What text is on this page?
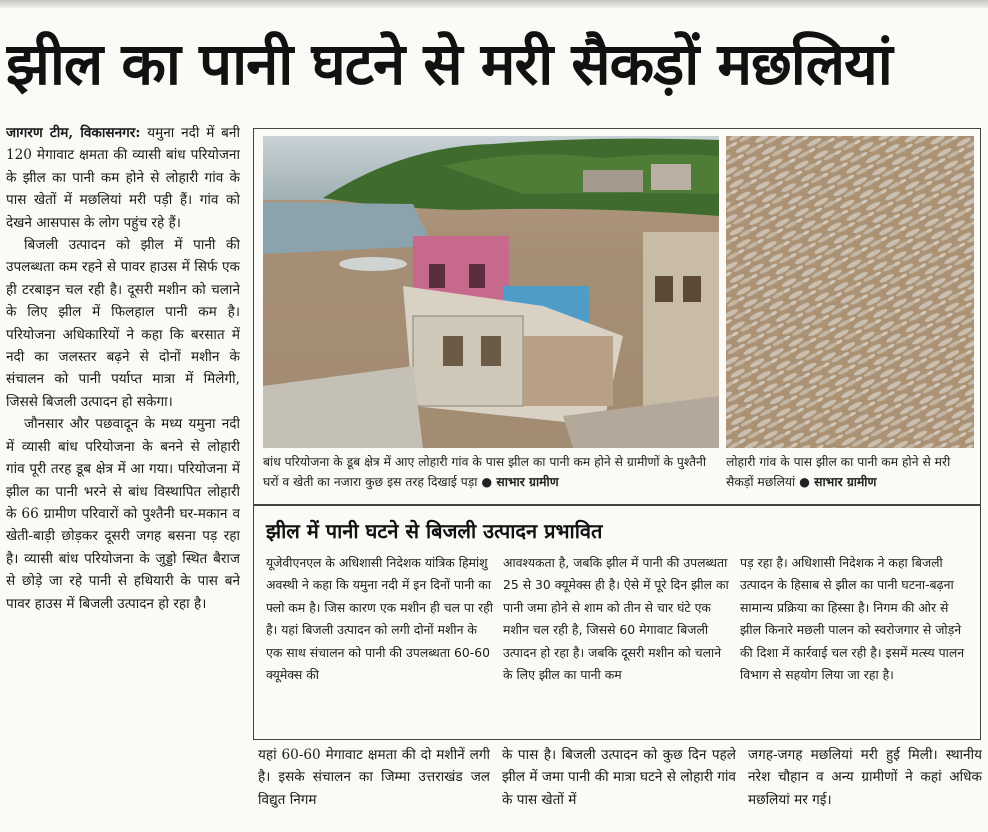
झील का पानी घटने से मरी सैकड़ों मछलियां

जागरण टीम, विकासनगर: यमुना नदी में बनी 120 मेगावाट क्षमता की व्यासी बांध परियोजना के झील का पानी कम होने से लोहारी गांव के पास खेतों में मछलियां मरी पड़ी हैं। गांव को देखने आसपास के लोग पहुंच रहे हैं।

बिजली उत्पादन को झील में पानी की उपलब्धता कम रहने से पावर हाउस में सिर्फ एक ही टरबाइन चल रही है। दूसरी मशीन को चलाने के लिए झील में फिलहाल पानी कम है। परियोजना अधिकारियों ने कहा कि बरसात में नदी का जलस्तर बढ़ने से दोनों मशीन के संचालन को पानी पर्याप्त मात्रा में मिलेगी, जिससे बिजली उत्पादन हो सकेगा।

जौनसार और पछवादून के मध्य यमुना नदी में व्यासी बांध परियोजना के बनने से लोहारी गांव पूरी तरह डूब क्षेत्र में आ गया। परियोजना में झील का पानी भरने से बांध विस्थापित लोहारी के 66 ग्रामीण परिवारों को पुश्तैनी घर-मकान व खेती-बाड़ी छोड़कर दूसरी जगह बसना पड़ रहा है। व्यासी बांध परियोजना के जुड्डो स्थित बैराज से छोड़े जा रहे पानी से हथियारी के पास बने पावर हाउस में बिजली उत्पादन हो रहा है।

बांध परियोजना के डूब क्षेत्र में आए लोहारी गांव के पास झील का पानी कम होने से ग्रामीणों के पुश्तैनी घरों व खेती का नजारा कुछ इस तरह दिखाई पड़ा ● साभार ग्रामीण
लोहारी गांव के पास झील का पानी कम होने से मरी सैकड़ों मछलियां ● साभार ग्रामीण
झील में पानी घटने से बिजली उत्पादन प्रभावित
यूजेवीएनएल के अधिशासी निदेशक यांत्रिक हिमांशु अवस्थी ने कहा कि यमुना नदी में इन दिनों पानी का फ्लो कम है। जिस कारण एक मशीन ही चल पा रही है। यहां बिजली उत्पादन को लगी दोनों मशीन के एक साथ संचालन को पानी की उपलब्धता 60-60 क्यूमेक्स की
आवश्यकता है, जबकि झील में पानी की उपलब्धता 25 से 30 क्यूमेक्स ही है। ऐसे में पूरे दिन झील का पानी जमा होने से शाम को तीन से चार घंटे एक मशीन चल रही है, जिससे 60 मेगावाट बिजली उत्पादन हो रहा है। जबकि दूसरी मशीन को चलाने के लिए झील का पानी कम
पड़ रहा है। अधिशासी निदेशक ने कहा बिजली उत्पादन के हिसाब से झील का पानी घटना-बढ़ना सामान्य प्रक्रिया का हिस्सा है। निगम की ओर से झील किनारे मछली पालन को स्वरोजगार से जोड़ने की दिशा में कार्रवाई चल रही है। इसमें मत्स्य पालन विभाग से सहयोग लिया जा रहा है।
यहां 60-60 मेगावाट क्षमता की दो मशीनें लगी है। इसके संचालन का जिम्मा उत्तराखंड जल विद्युत निगम
के पास है। बिजली उत्पादन को कुछ दिन पहले झील में जमा पानी की मात्रा घटने से लोहारी गांव के पास खेतों में
जगह-जगह मछलियां मरी हुई मिली। स्थानीय नरेश चौहान व अन्य ग्रामीणों ने कहां अधिक मछलियां मर गई।
